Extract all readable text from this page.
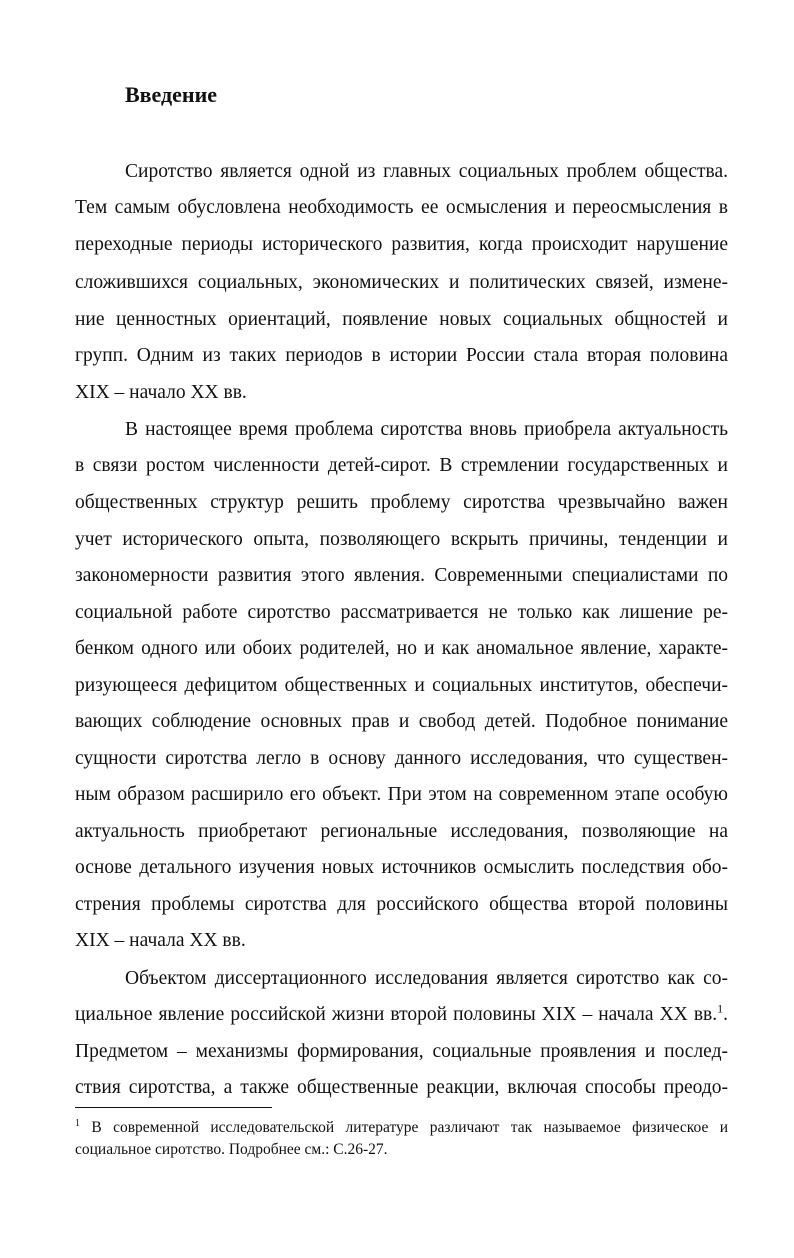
Введение
Сиротство является одной из главных социальных проблем общества.
Тем самым обусловлена необходимость ее осмысления и переосмысления в
переходные периоды исторического развития, когда происходит нарушение
сложившихся социальных, экономических и политических связей, измене-
ние ценностных ориентаций, появление новых социальных общностей и
групп. Одним из таких периодов в истории России стала вторая половина
XIX – начало XX вв.
В настоящее время проблема сиротства вновь приобрела актуальность
в связи ростом численности детей-сирот. В стремлении государственных и
общественных структур решить проблему сиротства чрезвычайно важен
учет исторического опыта, позволяющего вскрыть причины, тенденции и
закономерности развития этого явления. Современными специалистами по
социальной работе сиротство рассматривается не только как лишение ре-
бенком одного или обоих родителей, но и как аномальное явление, характе-
ризующееся дефицитом общественных и социальных институтов, обеспечи-
вающих соблюдение основных прав и свобод детей. Подобное понимание
сущности сиротства легло в основу данного исследования, что существен-
ным образом расширило его объект. При этом на современном этапе особую
актуальность приобретают региональные исследования, позволяющие на
основе детального изучения новых источников осмыслить последствия обо-
стрения проблемы сиротства для российского общества второй половины
XIX – начала XX вв.
Объектом диссертационного исследования является сиротство как со-
циальное явление российской жизни второй половины XIX – начала XX вв.$^1$.
Предметом – механизмы формирования, социальные проявления и послед-
ствия сиротства, а также общественные реакции, включая способы преодо-
$^1$ В современной исследовательской литературе различают так называемое физическое и
социальное сиротство. Подробнее см.: С.26-27.
